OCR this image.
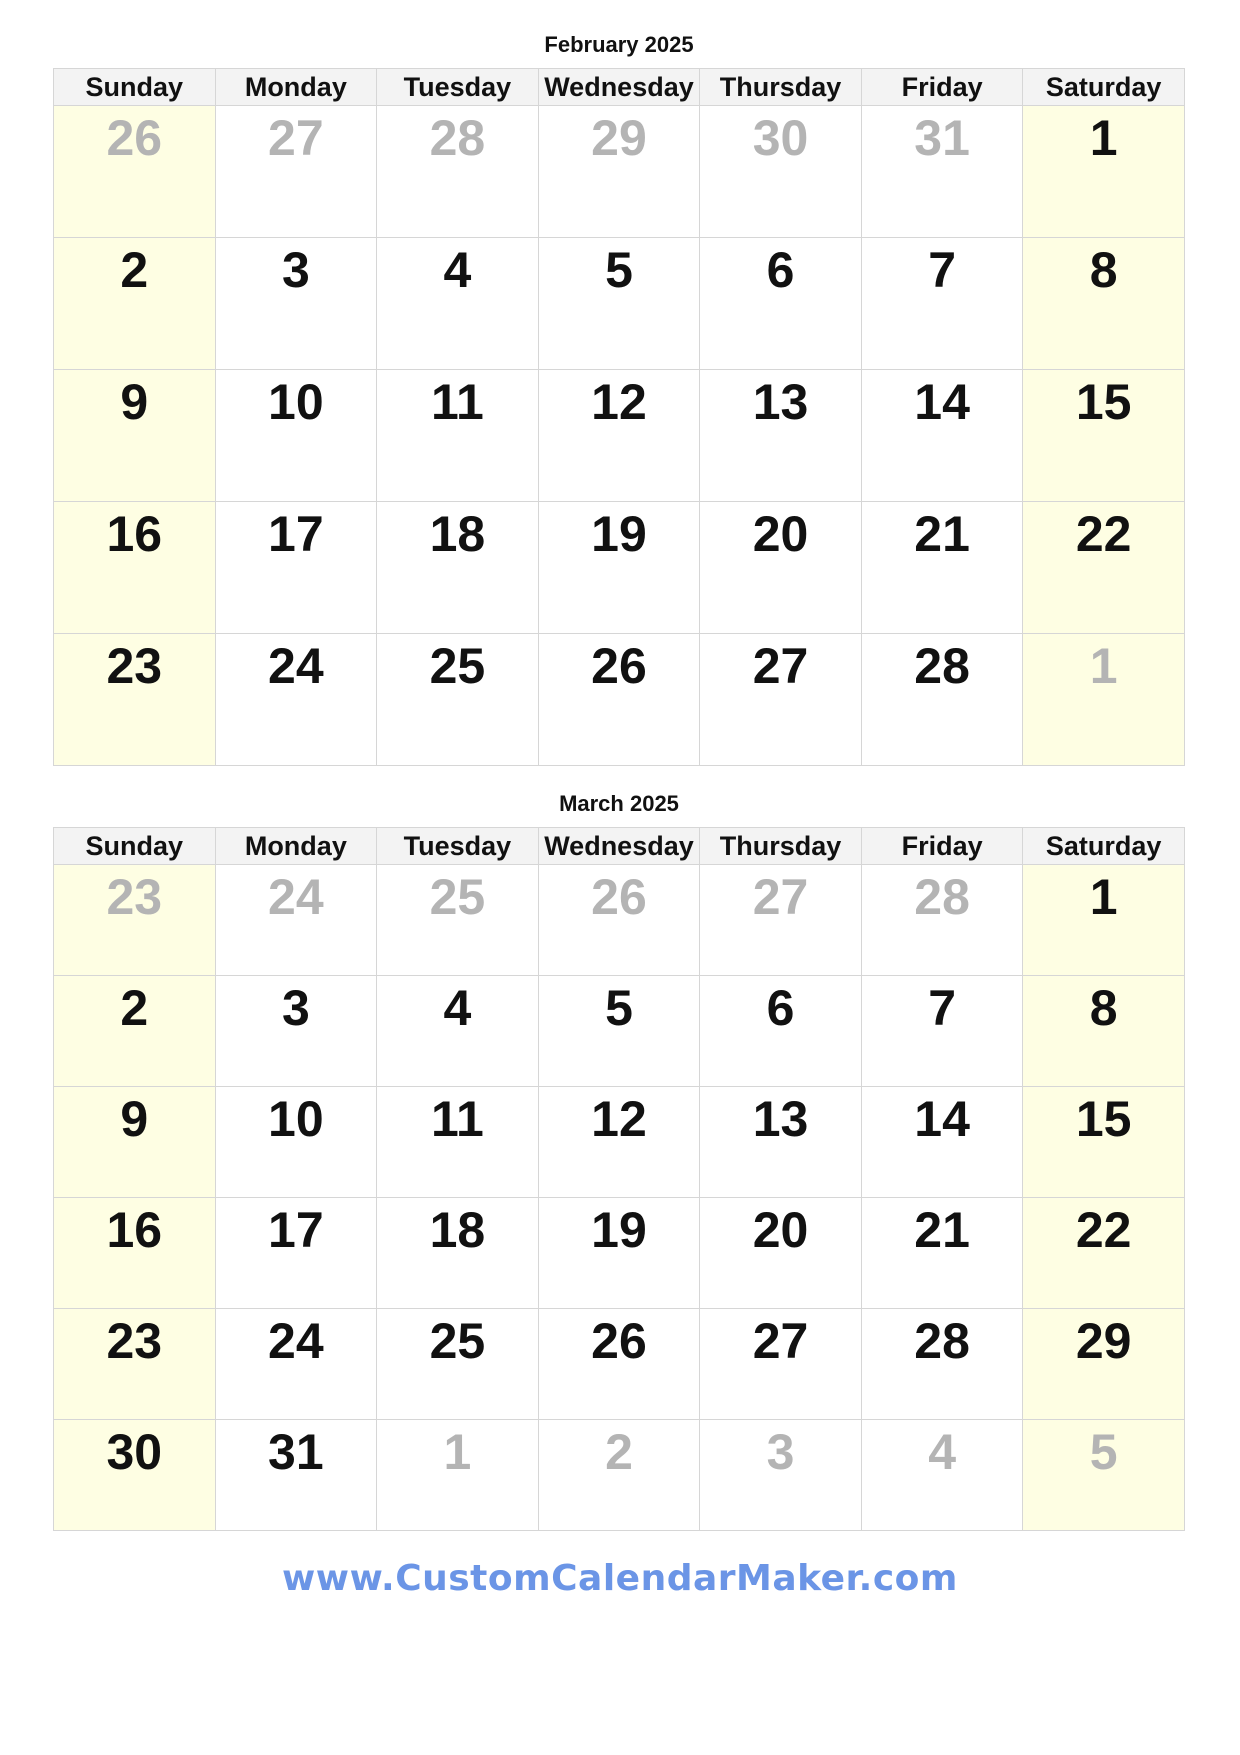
February 2025
Sunday	Monday	Tuesday	Wednesday	Thursday	Friday	Saturday

26	27	28	29	30	31	1

2	3	4	5	6	7	8

9	10	11	12	13	14	15

16	17	18	19	20	21	22

23	24	25	26	27	28	1
March 2025
Sunday	Monday	Tuesday	Wednesday	Thursday	Friday	Saturday

23	24	25	26	27	28	1

2	3	4	5	6	7	8

9	10	11	12	13	14	15

16	17	18	19	20	21	22

23	24	25	26	27	28	29

30	31	1	2	3	4	5
www.CustomCalendarMaker.com
